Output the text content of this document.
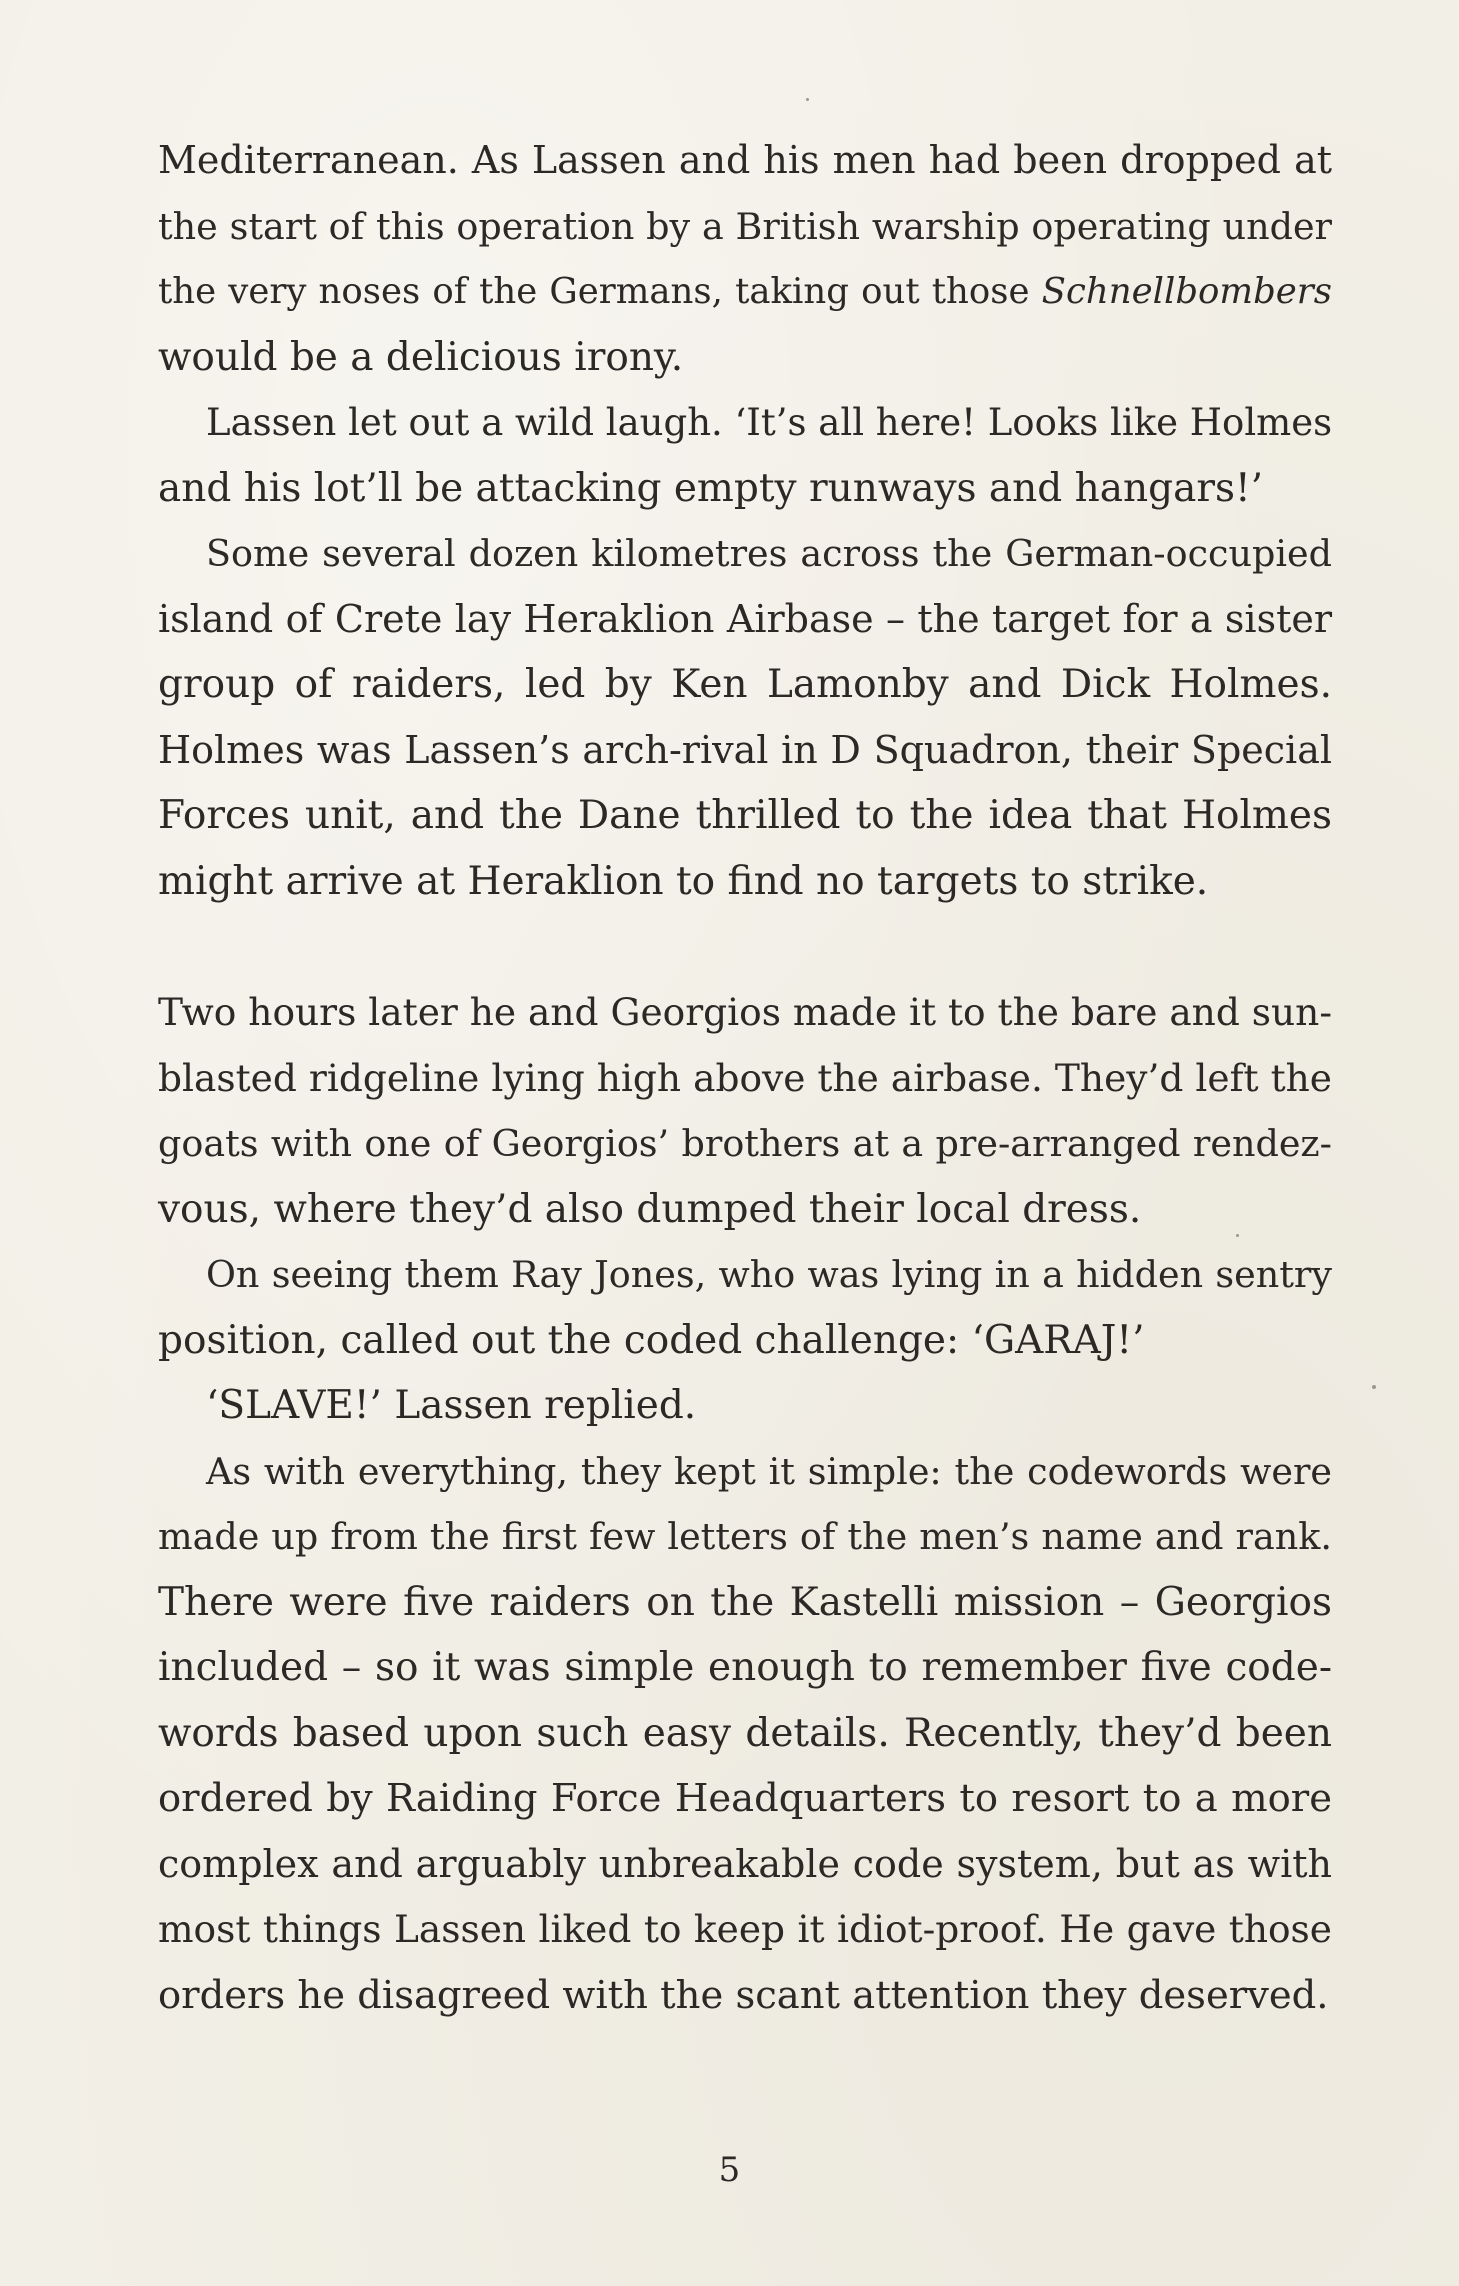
Mediterranean. As Lassen and his men had been dropped at
the start of this operation by a British warship operating under
the very noses of the Germans, taking out those Schnellbombers
would be a delicious irony.
Lassen let out a wild laugh. ‘It’s all here! Looks like Holmes
and his lot’ll be attacking empty runways and hangars!’
Some several dozen kilometres across the German-occupied
island of Crete lay Heraklion Airbase – the target for a sister
group of raiders, led by Ken Lamonby and Dick Holmes.
Holmes was Lassen’s arch-rival in D Squadron, their Special
Forces unit, and the Dane thrilled to the idea that Holmes
might arrive at Heraklion to find no targets to strike.
Two hours later he and Georgios made it to the bare and sun-
blasted ridgeline lying high above the airbase. They’d left the
goats with one of Georgios’ brothers at a pre-arranged rendez-
vous, where they’d also dumped their local dress.
On seeing them Ray Jones, who was lying in a hidden sentry
position, called out the coded challenge: ‘GARAJ!’
‘SLAVE!’ Lassen replied.
As with everything, they kept it simple: the codewords were
made up from the first few letters of the men’s name and rank.
There were five raiders on the Kastelli mission – Georgios
included – so it was simple enough to remember five code-
words based upon such easy details. Recently, they’d been
ordered by Raiding Force Headquarters to resort to a more
complex and arguably unbreakable code system, but as with
most things Lassen liked to keep it idiot-proof. He gave those
orders he disagreed with the scant attention they deserved.
5
